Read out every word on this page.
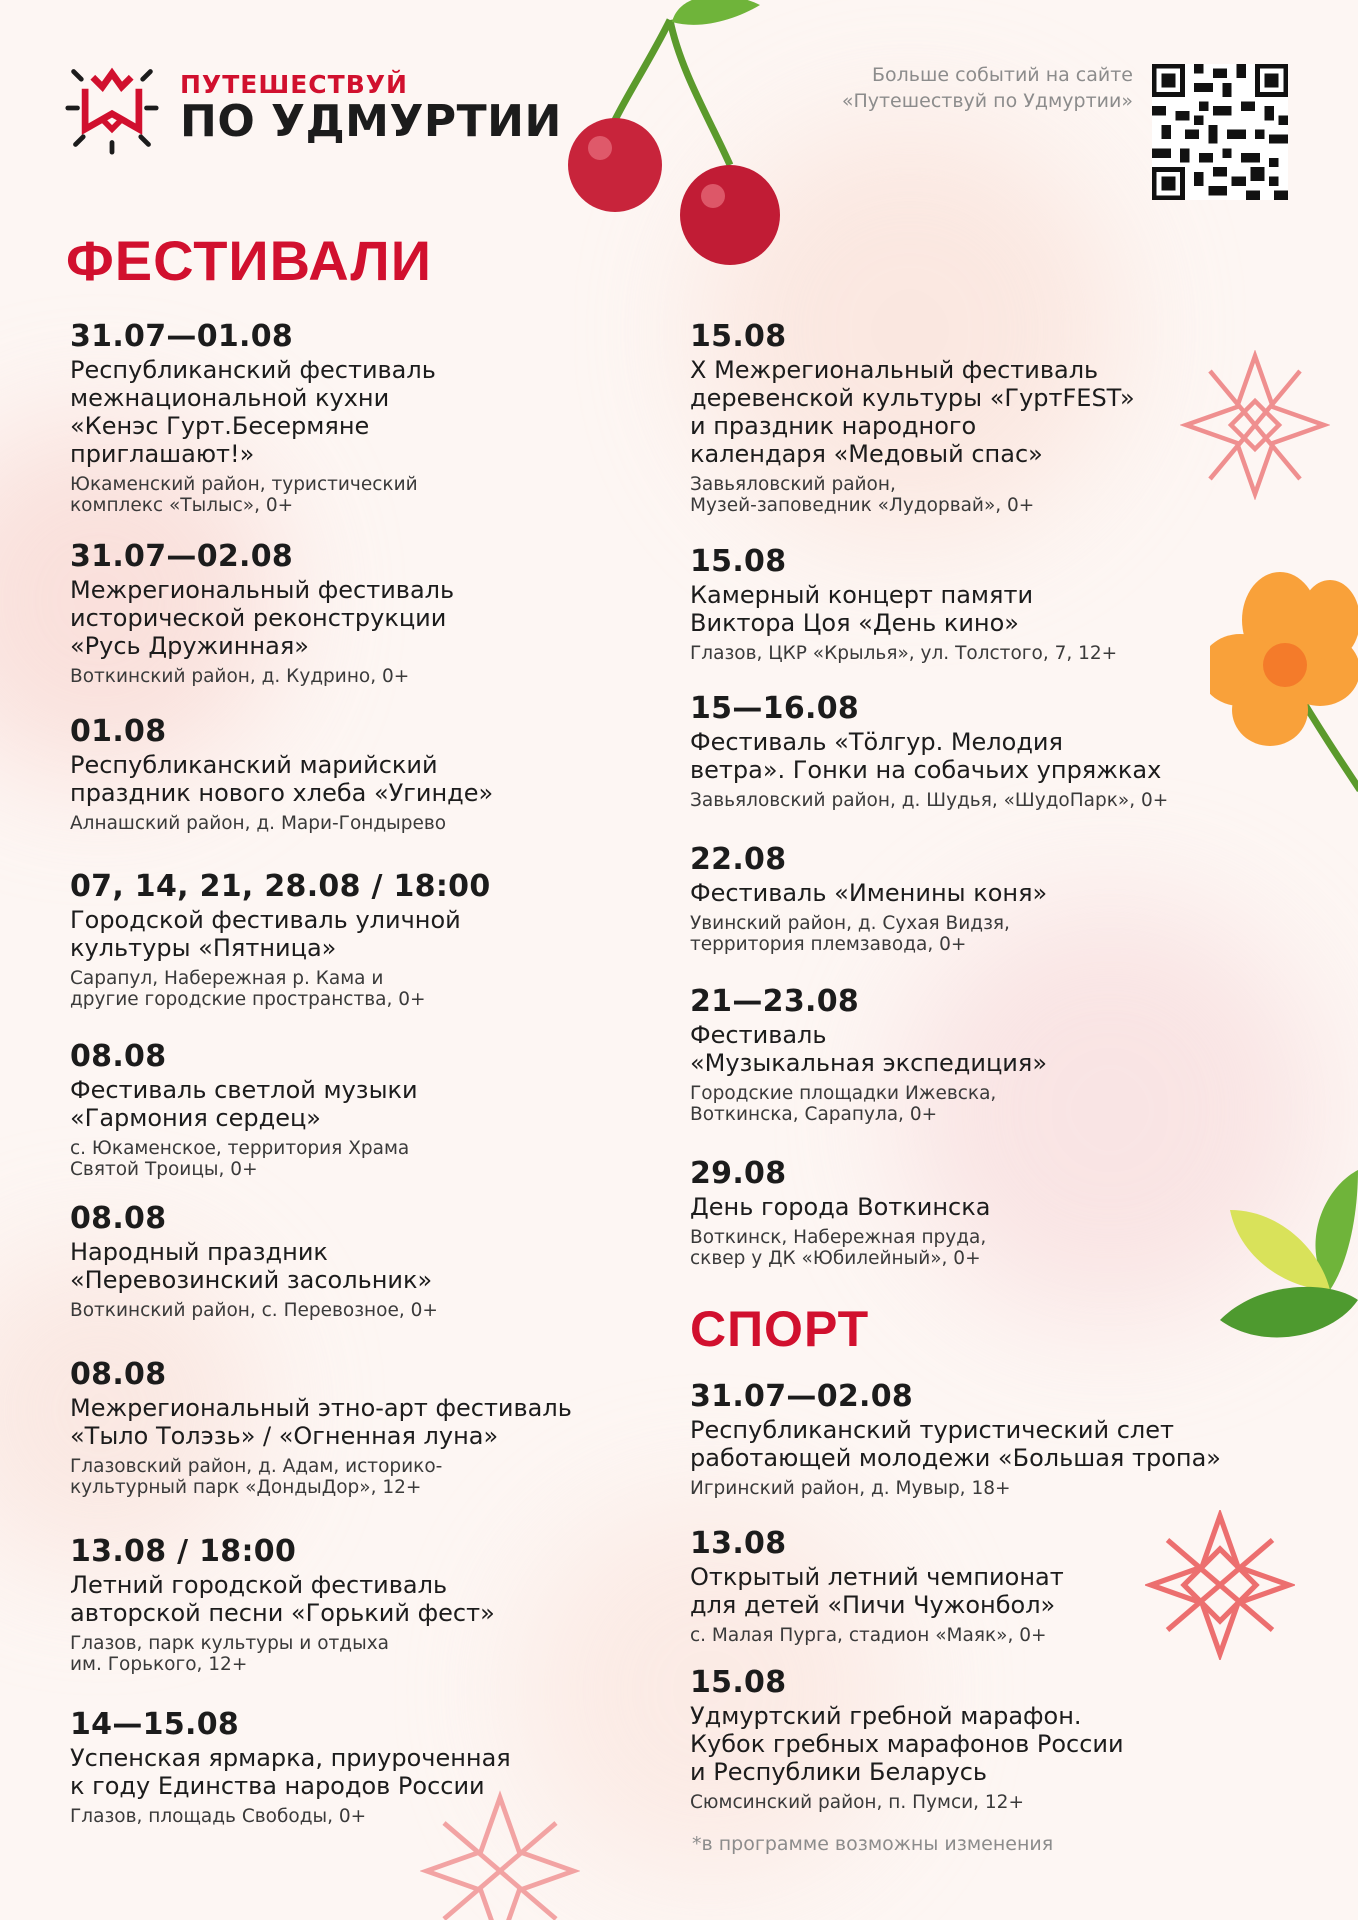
ПУТЕШЕСТВУЙ
ПО УДМУРТИИ
Больше событий на сайте
«Путешествуй по Удмуртии»
ФЕСТИВАЛИ
СПОРТ
*в программе возможны изменения
31.07—01.08
Республиканский фестиваль
межнациональной кухни
«Кенэс Гурт.Бесермяне
приглашают!»
Юкаменский район, туристический
комплекс «Тылыс», 0+
31.07—02.08
Межрегиональный фестиваль
исторической реконструкции
«Русь Дружинная»
Воткинский район, д. Кудрино, 0+
01.08
Республиканский марийский
праздник нового хлеба «Угинде»
Алнашский район, д. Мари-Гондырево
07, 14, 21, 28.08 / 18:00
Городской фестиваль уличной
культуры «Пятница»
Сарапул, Набережная р. Кама и
другие городские пространства, 0+
08.08
Фестиваль светлой музыки
«Гармония сердец»
с. Юкаменское, территория Храма
Святой Троицы, 0+
08.08
Народный праздник
«Перевозинский засольник»
Воткинский район, с. Перевозное, 0+
08.08
Межрегиональный этно-арт фестиваль
«Тыло Толэзь» / «Огненная луна»
Глазовский район, д. Адам, историко-
культурный парк «ДондыДор», 12+
13.08 / 18:00
Летний городской фестиваль
авторской песни «Горький фест»
Глазов, парк культуры и отдыха
им. Горького, 12+
14—15.08
Успенская ярмарка, приуроченная
к году Единства народов России
Глазов, площадь Свободы, 0+
15.08
X Межрегиональный фестиваль
деревенской культуры «ГуртFEST»
и праздник народного
календаря «Медовый спас»
Завьяловский район,
Музей-заповедник «Лудорвай», 0+
15.08
Камерный концерт памяти
Виктора Цоя «День кино»
Глазов, ЦКР «Крылья», ул. Толстого, 7, 12+
15—16.08
Фестиваль «Тӧлгур. Мелодия
ветра». Гонки на собачьих упряжках
Завьяловский район, д. Шудья, «ШудоПарк», 0+
22.08
Фестиваль «Именины коня»
Увинский район, д. Сухая Видзя,
территория племзавода, 0+
21—23.08
Фестиваль
«Музыкальная экспедиция»
Городские площадки Ижевска,
Воткинска, Сарапула, 0+
29.08
День города Воткинска
Воткинск, Набережная пруда,
сквер у ДК «Юбилейный», 0+
31.07—02.08
Республиканский туристический слет
работающей молодежи «Большая тропа»
Игринский район, д. Мувыр, 18+
13.08
Открытый летний чемпионат
для детей «Пичи Чужонбол»
с. Малая Пурга, стадион «Маяк», 0+
15.08
Удмуртский гребной марафон.
Кубок гребных марафонов России
и Республики Беларусь
Сюмсинский район, п. Пумси, 12+
